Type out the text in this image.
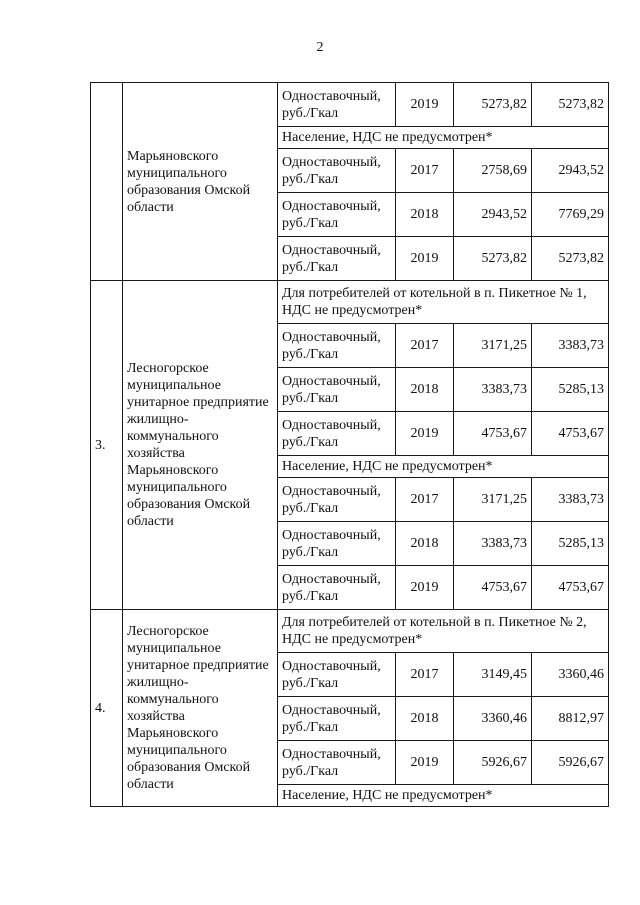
2
	Марьяновского муниципального образования Омской области	Одноставочный, руб./Гкал	2019	5273,82	5273,82
		Население, НДС не предусмотрен*			
		Одноставочный, руб./Гкал	2017	2758,69	2943,52
		Одноставочный, руб./Гкал	2018	2943,52	7769,29
		Одноставочный, руб./Гкал	2019	5273,82	5273,82
3.	Лесногорское муниципальное унитарное предприятие жилищно-коммунального хозяйства Марьяновского муниципального образования Омской области	Для потребителей от котельной в п. Пикетное № 1, НДС не предусмотрен*			
		Одноставочный, руб./Гкал	2017	3171,25	3383,73
		Одноставочный, руб./Гкал	2018	3383,73	5285,13
		Одноставочный, руб./Гкал	2019	4753,67	4753,67
		Население, НДС не предусмотрен*			
		Одноставочный, руб./Гкал	2017	3171,25	3383,73
		Одноставочный, руб./Гкал	2018	3383,73	5285,13
		Одноставочный, руб./Гкал	2019	4753,67	4753,67
4.	Лесногорское муниципальное унитарное предприятие жилищно-коммунального хозяйства Марьяновского муниципального образования Омской области	Для потребителей от котельной в п. Пикетное № 2, НДС не предусмотрен*			
		Одноставочный, руб./Гкал	2017	3149,45	3360,46
		Одноставочный, руб./Гкал	2018	3360,46	8812,97
		Одноставочный, руб./Гкал	2019	5926,67	5926,67
		Население, НДС не предусмотрен*			
